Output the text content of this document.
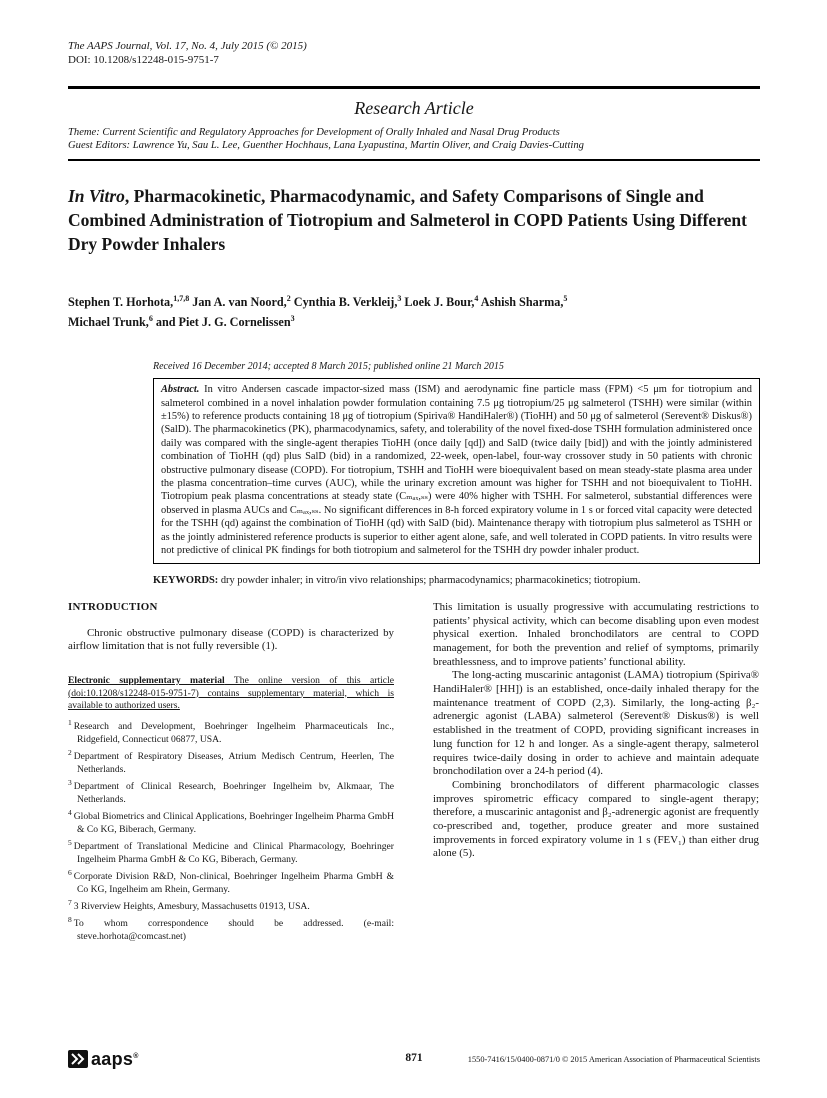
The AAPS Journal, Vol. 17, No. 4, July 2015 (© 2015)
DOI: 10.1208/s12248-015-9751-7
Research Article
Theme: Current Scientific and Regulatory Approaches for Development of Orally Inhaled and Nasal Drug Products
Guest Editors: Lawrence Yu, Sau L. Lee, Guenther Hochhaus, Lana Lyapustina, Martin Oliver, and Craig Davies-Cutting
In Vitro, Pharmacokinetic, Pharmacodynamic, and Safety Comparisons of Single and Combined Administration of Tiotropium and Salmeterol in COPD Patients Using Different Dry Powder Inhalers

Stephen T. Horhota,$^{1,7,8}$ Jan A. van Noord,$^2$ Cynthia B. Verkleij,$^3$ Loek J. Bour,$^4$ Ashish Sharma,$^5$
Michael Trunk,$^6$ and Piet J. G. Cornelissen$^3$

Received 16 December 2014; accepted 8 March 2015; published online 21 March 2015
Abstract. In vitro Andersen cascade impactor-sized mass (ISM) and aerodynamic fine particle mass (FPM) <5 μm for tiotropium and salmeterol combined in a novel inhalation powder formulation containing 7.5 μg tiotropium/25 μg salmeterol (TSHH) were similar (within ±15%) to reference products containing 18 μg of tiotropium (Spiriva® HandiHaler®) (TioHH) and 50 μg of salmeterol (Serevent® Diskus®) (SalD). The pharmacokinetics (PK), pharmacodynamics, safety, and tolerability of the novel fixed-dose TSHH formulation administered once daily was compared with the single-agent therapies TioHH (once daily [qd]) and SalD (twice daily [bid]) and with the jointly administered combination of TioHH (qd) plus SalD (bid) in a randomized, 22-week, open-label, four-way crossover study in 50 patients with chronic obstructive pulmonary disease (COPD). For tiotropium, TSHH and TioHH were bioequivalent based on mean steady-state plasma area under the plasma concentration–time curves (AUC), while the urinary excretion amount was higher for TSHH and not bioequivalent to TioHH. Tiotropium peak plasma concentrations at steady state (Cₘₐₓ,ₛₛ) were 40% higher with TSHH. For salmeterol, substantial differences were observed in plasma AUCs and Cₘₐₓ,ₛₛ. No significant differences in 8-h forced expiratory volume in 1 s or forced vital capacity were detected for the TSHH (qd) against the combination of TioHH (qd) with SalD (bid). Maintenance therapy with tiotropium plus salmeterol as TSHH or as the jointly administered reference products is superior to either agent alone, safe, and well tolerated in COPD patients. In vitro results were not predictive of clinical PK findings for both tiotropium and salmeterol for the TSHH dry powder inhaler product.

KEYWORDS: dry powder inhaler; in vitro/in vivo relationships; pharmacodynamics; pharmacokinetics; tiotropium.

INTRODUCTION

Chronic obstructive pulmonary disease (COPD) is characterized by airflow limitation that is not fully reversible (1).

Electronic supplementary material The online version of this article (doi:10.1208/s12248-015-9751-7) contains supplementary material, which is available to authorized users.

$^1$ Research and Development, Boehringer Ingelheim Pharmaceuticals Inc., Ridgefield, Connecticut 06877, USA.

$^2$ Department of Respiratory Diseases, Atrium Medisch Centrum, Heerlen, The Netherlands.

$^3$ Department of Clinical Research, Boehringer Ingelheim bv, Alkmaar, The Netherlands.

$^4$ Global Biometrics and Clinical Applications, Boehringer Ingelheim Pharma GmbH & Co KG, Biberach, Germany.

$^5$ Department of Translational Medicine and Clinical Pharmacology, Boehringer Ingelheim Pharma GmbH & Co KG, Biberach, Germany.

$^6$ Corporate Division R&D, Non-clinical, Boehringer Ingelheim Pharma GmbH & Co KG, Ingelheim am Rhein, Germany.

$^7$ 3 Riverview Heights, Amesbury, Massachusetts 01913, USA.

$^8$ To whom correspondence should be addressed. (e-mail: steve.horhota@comcast.net)

This limitation is usually progressive with accumulating restrictions to patients’ physical activity, which can become disabling upon even modest physical exertion. Inhaled bronchodilators are central to COPD management, for both the prevention and relief of symptoms, primarily breathlessness, and to improve patients’ functional ability.

The long-acting muscarinic antagonist (LAMA) tiotropium (Spiriva® HandiHaler® [HH]) is an established, once-daily inhaled therapy for the maintenance treatment of COPD (2,3). Similarly, the long-acting β₂-adrenergic agonist (LABA) salmeterol (Serevent® Diskus®) is well established in the treatment of COPD, providing significant increases in lung function for 12 h and longer. As a single-agent therapy, salmeterol requires twice-daily dosing in order to achieve and maintain adequate bronchodilation over a 24-h period (4).

Combining bronchodilators of different pharmacologic classes improves spirometric efficacy compared to single-agent therapy; therefore, a muscarinic antagonist and β₂-adrenergic agonist are frequently co-prescribed and, together, produce greater and more sustained improvements in forced expiratory volume in 1 s (FEV₁) than either drug alone (5).

aaps®	871	1550-7416/15/0400-0871/0 © 2015 American Association of Pharmaceutical Scientists
